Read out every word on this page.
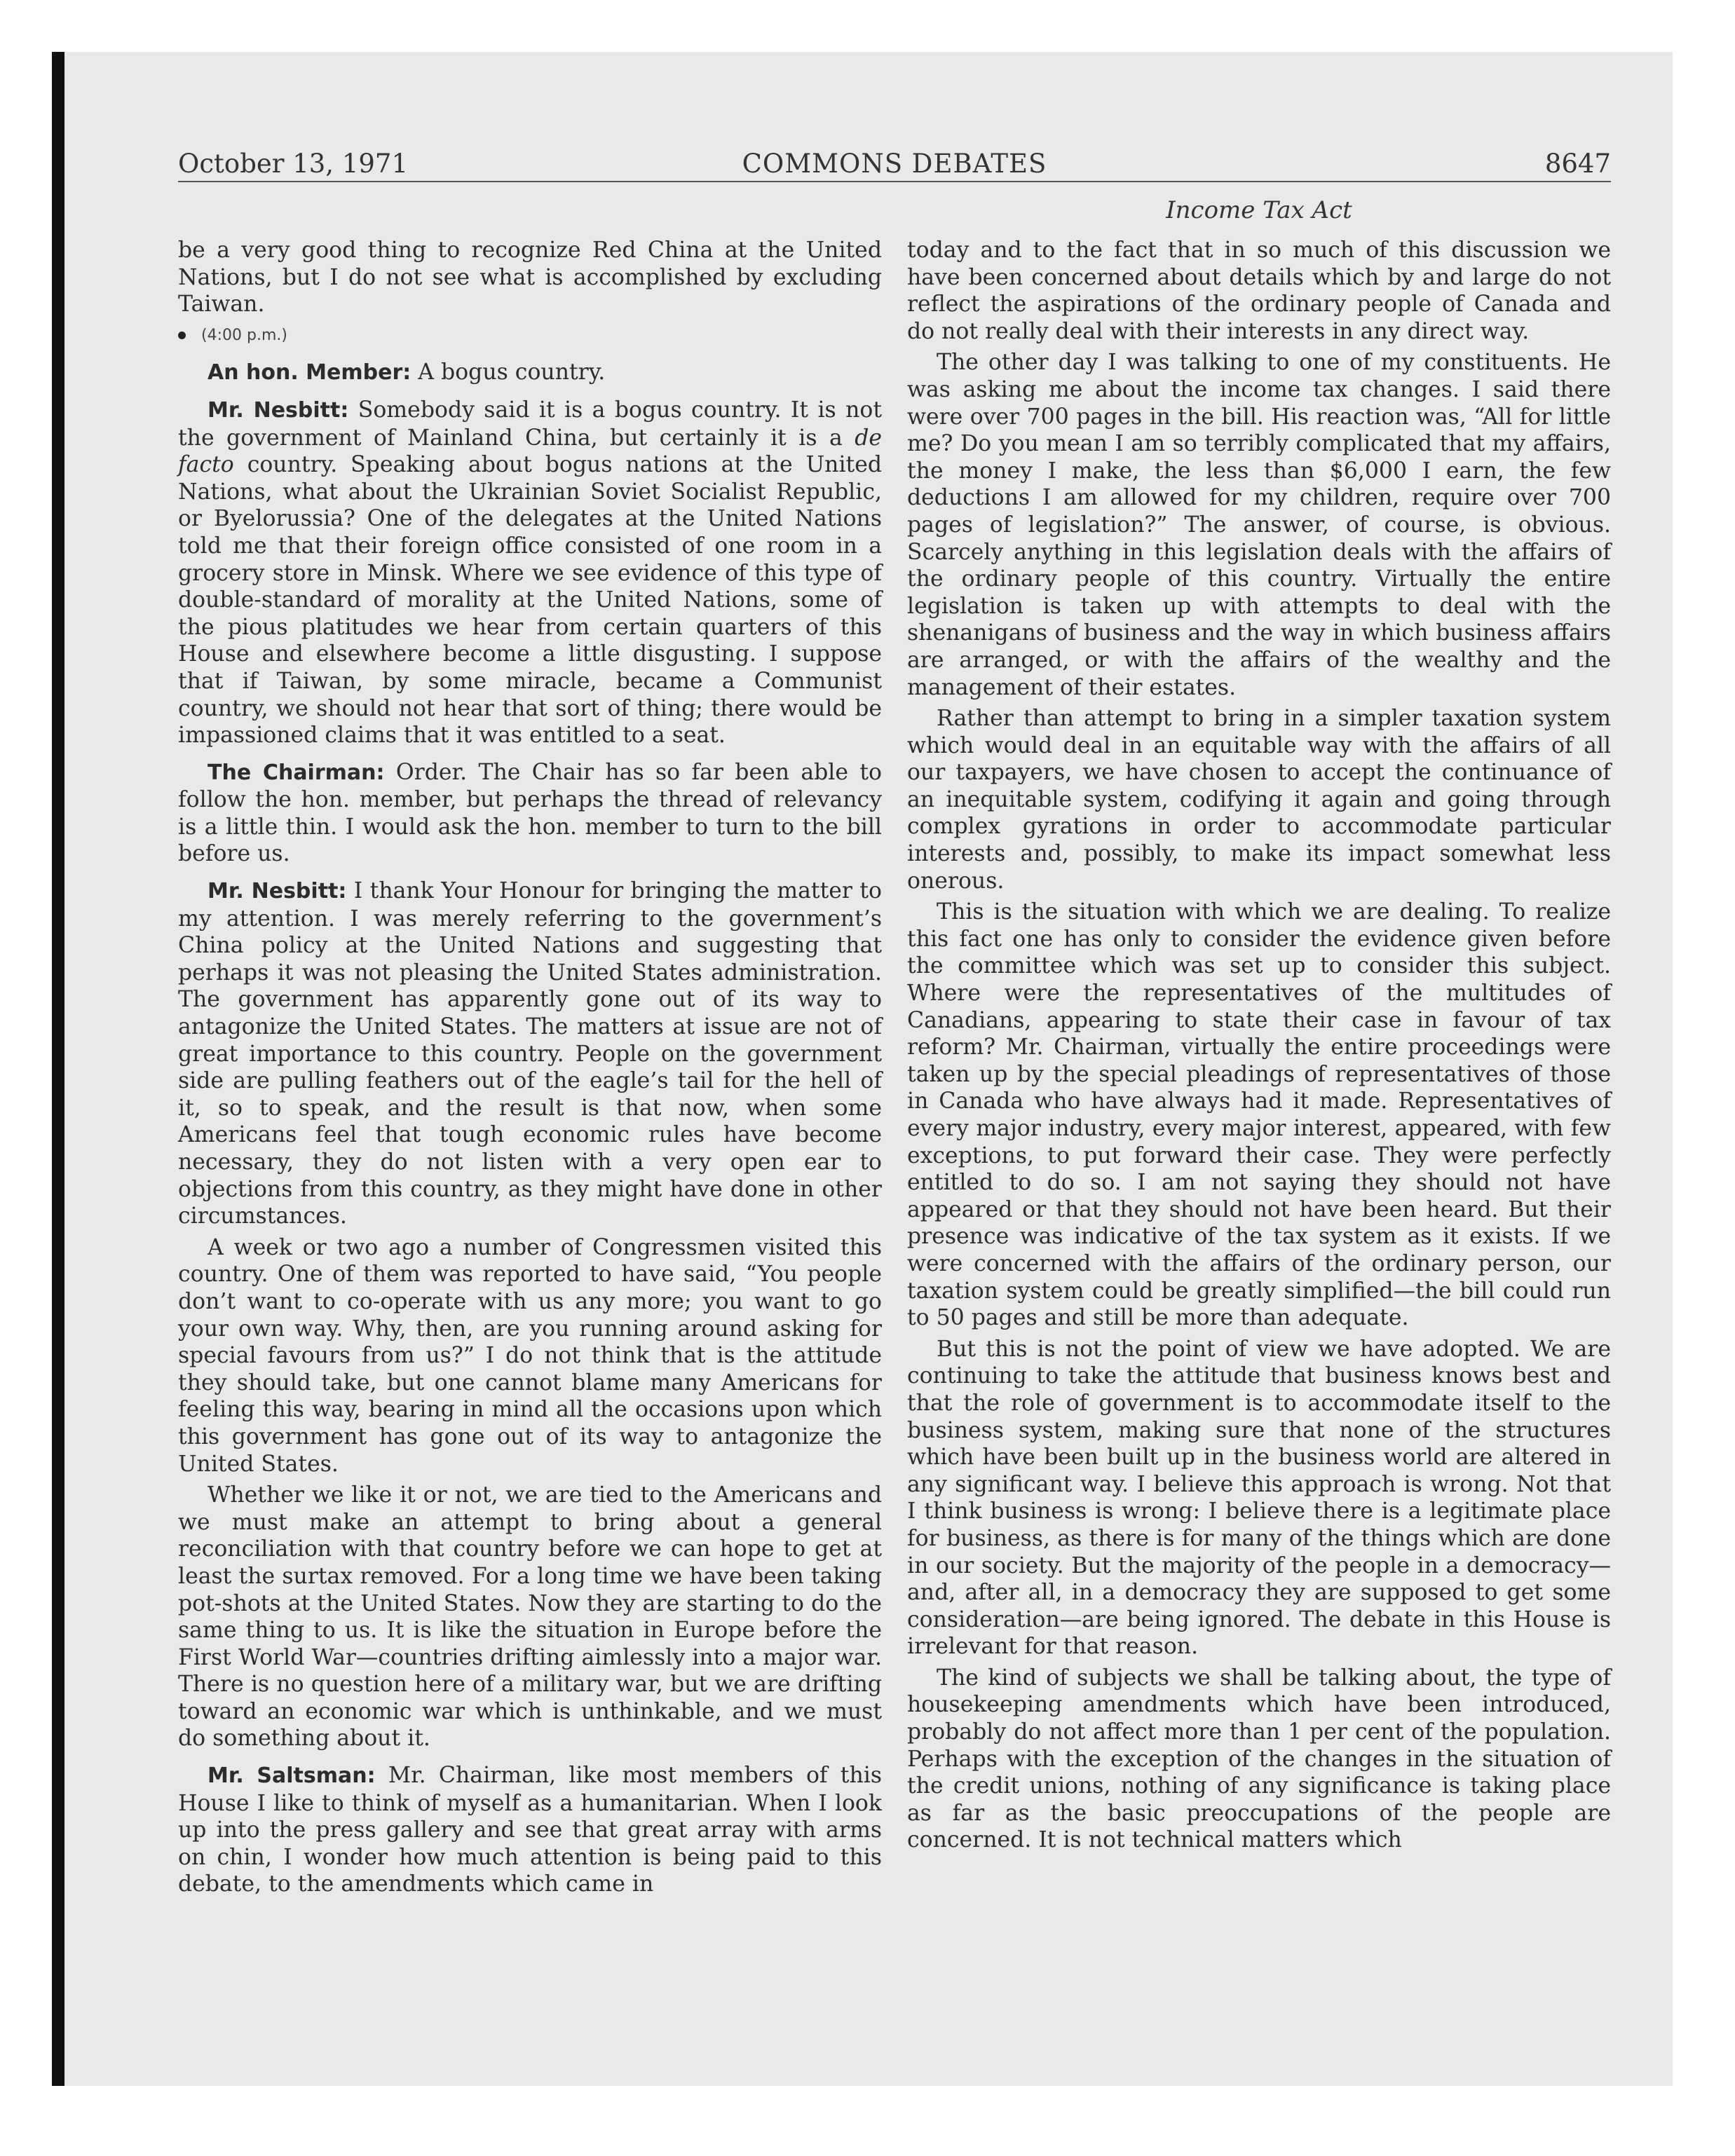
October 13, 1971	COMMONS DEBATES	8647
Income Tax Act

be a very good thing to recognize Red China at the United Nations, but I do not see what is accomplished by excluding Taiwan.

(4:00 p.m.)

An hon. Member: A bogus country.

Mr. Nesbitt: Somebody said it is a bogus country. It is not the government of Mainland China, but certainly it is a de facto country. Speaking about bogus nations at the United Nations, what about the Ukrainian Soviet Socialist Republic, or Byelorussia? One of the delegates at the United Nations told me that their foreign office consisted of one room in a grocery store in Minsk. Where we see evidence of this type of double-standard of morality at the United Nations, some of the pious platitudes we hear from certain quarters of this House and elsewhere become a little disgusting. I suppose that if Taiwan, by some miracle, became a Communist country, we should not hear that sort of thing; there would be impassioned claims that it was entitled to a seat.

The Chairman: Order. The Chair has so far been able to follow the hon. member, but perhaps the thread of relevancy is a little thin. I would ask the hon. member to turn to the bill before us.

Mr. Nesbitt: I thank Your Honour for bringing the matter to my attention. I was merely referring to the government’s China policy at the United Nations and suggesting that perhaps it was not pleasing the United States administration. The government has apparently gone out of its way to antagonize the United States. The matters at issue are not of great importance to this country. People on the government side are pulling feathers out of the eagle’s tail for the hell of it, so to speak, and the result is that now, when some Americans feel that tough economic rules have become necessary, they do not listen with a very open ear to objections from this country, as they might have done in other circumstances.

A week or two ago a number of Congressmen visited this country. One of them was reported to have said, “You people don’t want to co-operate with us any more; you want to go your own way. Why, then, are you running around asking for special favours from us?” I do not think that is the attitude they should take, but one cannot blame many Americans for feeling this way, bearing in mind all the occasions upon which this government has gone out of its way to antagonize the United States.

Whether we like it or not, we are tied to the Americans and we must make an attempt to bring about a general reconciliation with that country before we can hope to get at least the surtax removed. For a long time we have been taking pot-shots at the United States. Now they are starting to do the same thing to us. It is like the situation in Europe before the First World War—countries drifting aimlessly into a major war. There is no question here of a military war, but we are drifting toward an economic war which is unthinkable, and we must do something about it.

Mr. Saltsman: Mr. Chairman, like most members of this House I like to think of myself as a humanitarian. When I look up into the press gallery and see that great array with arms on chin, I wonder how much attention is being paid to this debate, to the amendments which came in

today and to the fact that in so much of this discussion we have been concerned about details which by and large do not reflect the aspirations of the ordinary people of Canada and do not really deal with their interests in any direct way.

The other day I was talking to one of my constituents. He was asking me about the income tax changes. I said there were over 700 pages in the bill. His reaction was, “All for little me? Do you mean I am so terribly complicated that my affairs, the money I make, the less than $6,000 I earn, the few deductions I am allowed for my children, require over 700 pages of legislation?” The answer, of course, is obvious. Scarcely anything in this legislation deals with the affairs of the ordinary people of this country. Virtually the entire legislation is taken up with attempts to deal with the shenanigans of business and the way in which business affairs are arranged, or with the affairs of the wealthy and the management of their estates.

Rather than attempt to bring in a simpler taxation system which would deal in an equitable way with the affairs of all our taxpayers, we have chosen to accept the continuance of an inequitable system, codifying it again and going through complex gyrations in order to accommodate particular interests and, possibly, to make its impact somewhat less onerous.

This is the situation with which we are dealing. To realize this fact one has only to consider the evidence given before the committee which was set up to consider this subject. Where were the representatives of the multitudes of Canadians, appearing to state their case in favour of tax reform? Mr. Chairman, virtually the entire proceedings were taken up by the special pleadings of representatives of those in Canada who have always had it made. Representatives of every major industry, every major interest, appeared, with few exceptions, to put forward their case. They were perfectly entitled to do so. I am not saying they should not have appeared or that they should not have been heard. But their presence was indicative of the tax system as it exists. If we were concerned with the affairs of the ordinary person, our taxation system could be greatly simplified—the bill could run to 50 pages and still be more than adequate.

But this is not the point of view we have adopted. We are continuing to take the attitude that business knows best and that the role of government is to accommodate itself to the business system, making sure that none of the structures which have been built up in the business world are altered in any significant way. I believe this approach is wrong. Not that I think business is wrong: I believe there is a legitimate place for business, as there is for many of the things which are done in our society. But the majority of the people in a democracy—and, after all, in a democracy they are supposed to get some consideration—are being ignored. The debate in this House is irrelevant for that reason.

The kind of subjects we shall be talking about, the type of housekeeping amendments which have been introduced, probably do not affect more than 1 per cent of the population. Perhaps with the exception of the changes in the situation of the credit unions, nothing of any significance is taking place as far as the basic preoccupations of the people are concerned. It is not technical matters which
